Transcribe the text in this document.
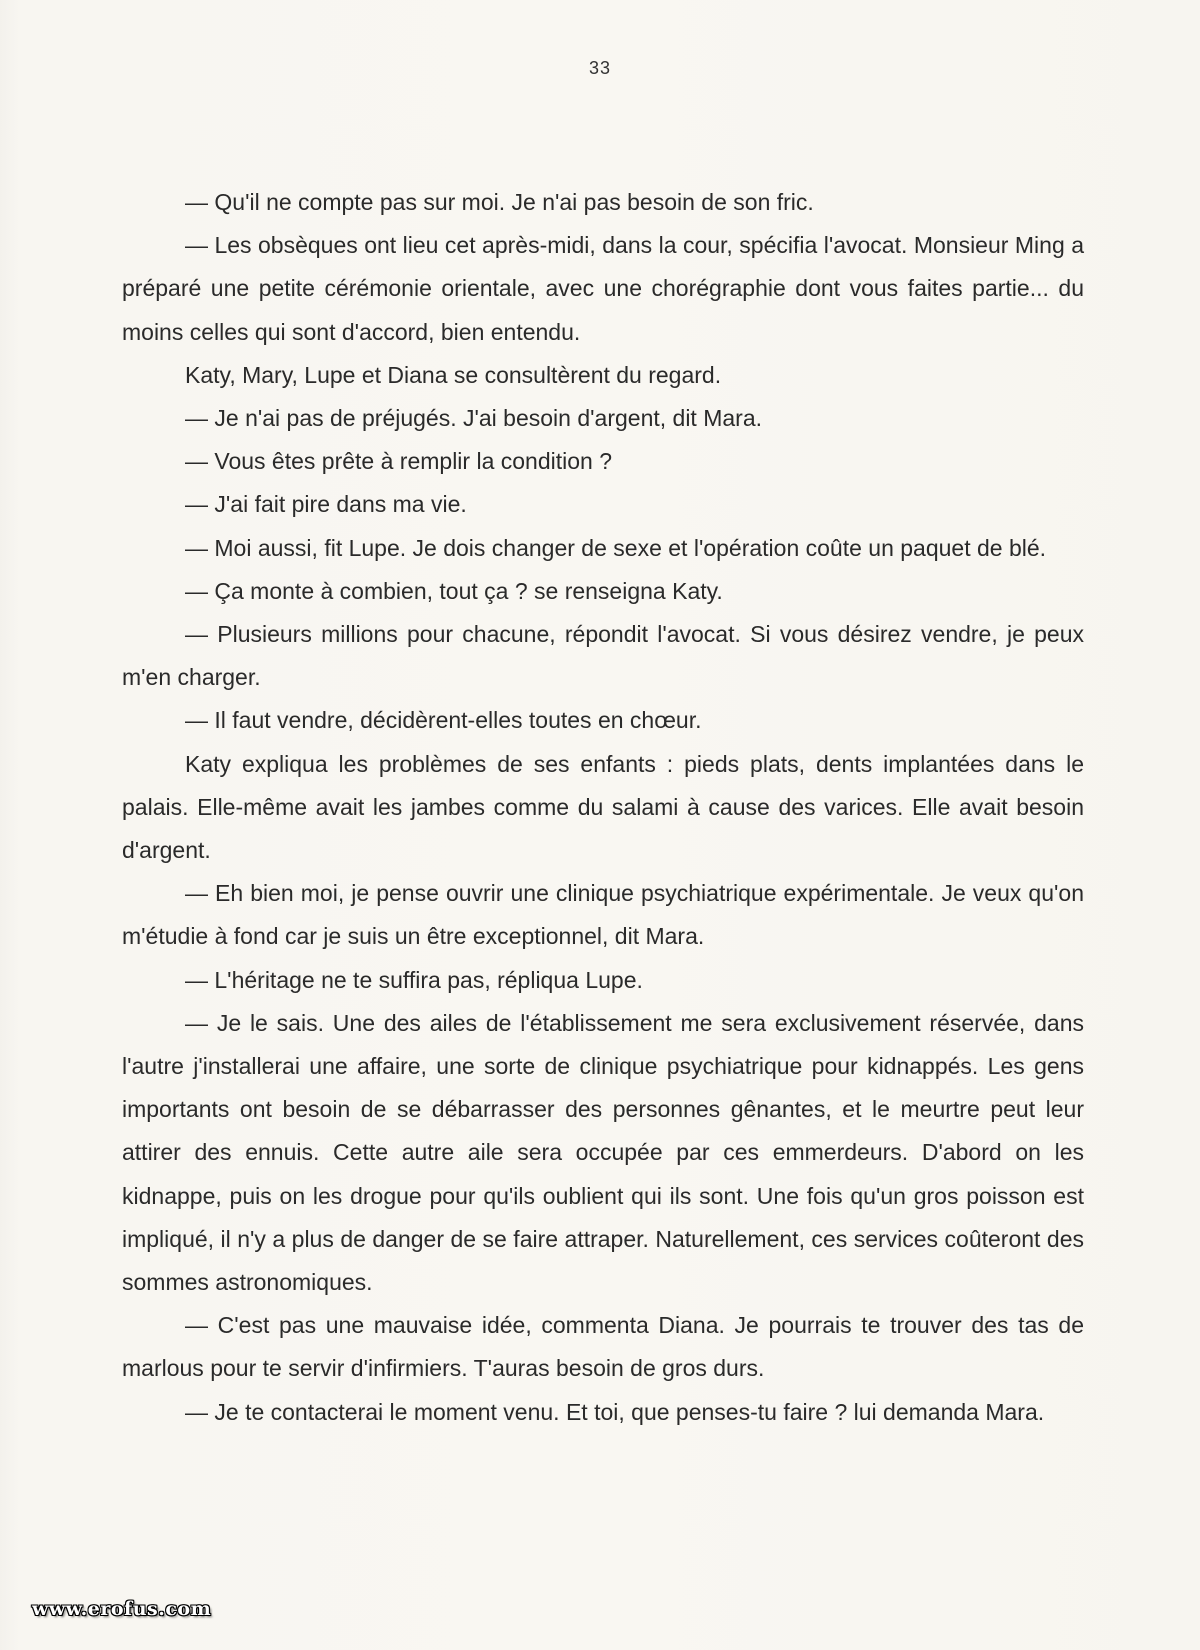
33

— Qu'il ne compte pas sur moi. Je n'ai pas besoin de son fric.

— Les obsèques ont lieu cet après-midi, dans la cour, spécifia l'avocat. Monsieur Ming a préparé une petite cérémonie orientale, avec une chorégraphie dont vous faites partie... du moins celles qui sont d'accord, bien entendu.

Katy, Mary, Lupe et Diana se consultèrent du regard.

— Je n'ai pas de préjugés. J'ai besoin d'argent, dit Mara.

— Vous êtes prête à remplir la condition ?

— J'ai fait pire dans ma vie.

— Moi aussi, fit Lupe. Je dois changer de sexe et l'opération coûte un paquet de blé.

— Ça monte à combien, tout ça ? se renseigna Katy.

— Plusieurs millions pour chacune, répondit l'avocat. Si vous désirez vendre, je peux m'en charger.

— Il faut vendre, décidèrent-elles toutes en chœur.

Katy expliqua les problèmes de ses enfants : pieds plats, dents implantées dans le palais. Elle-même avait les jambes comme du salami à cause des varices. Elle avait besoin d'argent.

— Eh bien moi, je pense ouvrir une clinique psychiatrique expérimentale. Je veux qu'on m'étudie à fond car je suis un être exceptionnel, dit Mara.

— L'héritage ne te suffira pas, répliqua Lupe.

— Je le sais. Une des ailes de l'établissement me sera exclusivement réservée, dans l'autre j'installerai une affaire, une sorte de clinique psychiatrique pour kidnappés. Les gens importants ont besoin de se débarrasser des personnes gênantes, et le meurtre peut leur attirer des ennuis. Cette autre aile sera occupée par ces emmerdeurs. D'abord on les kidnappe, puis on les drogue pour qu'ils oublient qui ils sont. Une fois qu'un gros poisson est impliqué, il n'y a plus de danger de se faire attraper. Naturellement, ces services coûteront des sommes astronomiques.

— C'est pas une mauvaise idée, commenta Diana. Je pourrais te trouver des tas de marlous pour te servir d'infirmiers. T'auras besoin de gros durs.

— Je te contacterai le moment venu. Et toi, que penses-tu faire ? lui demanda Mara.

www.erofus.com
